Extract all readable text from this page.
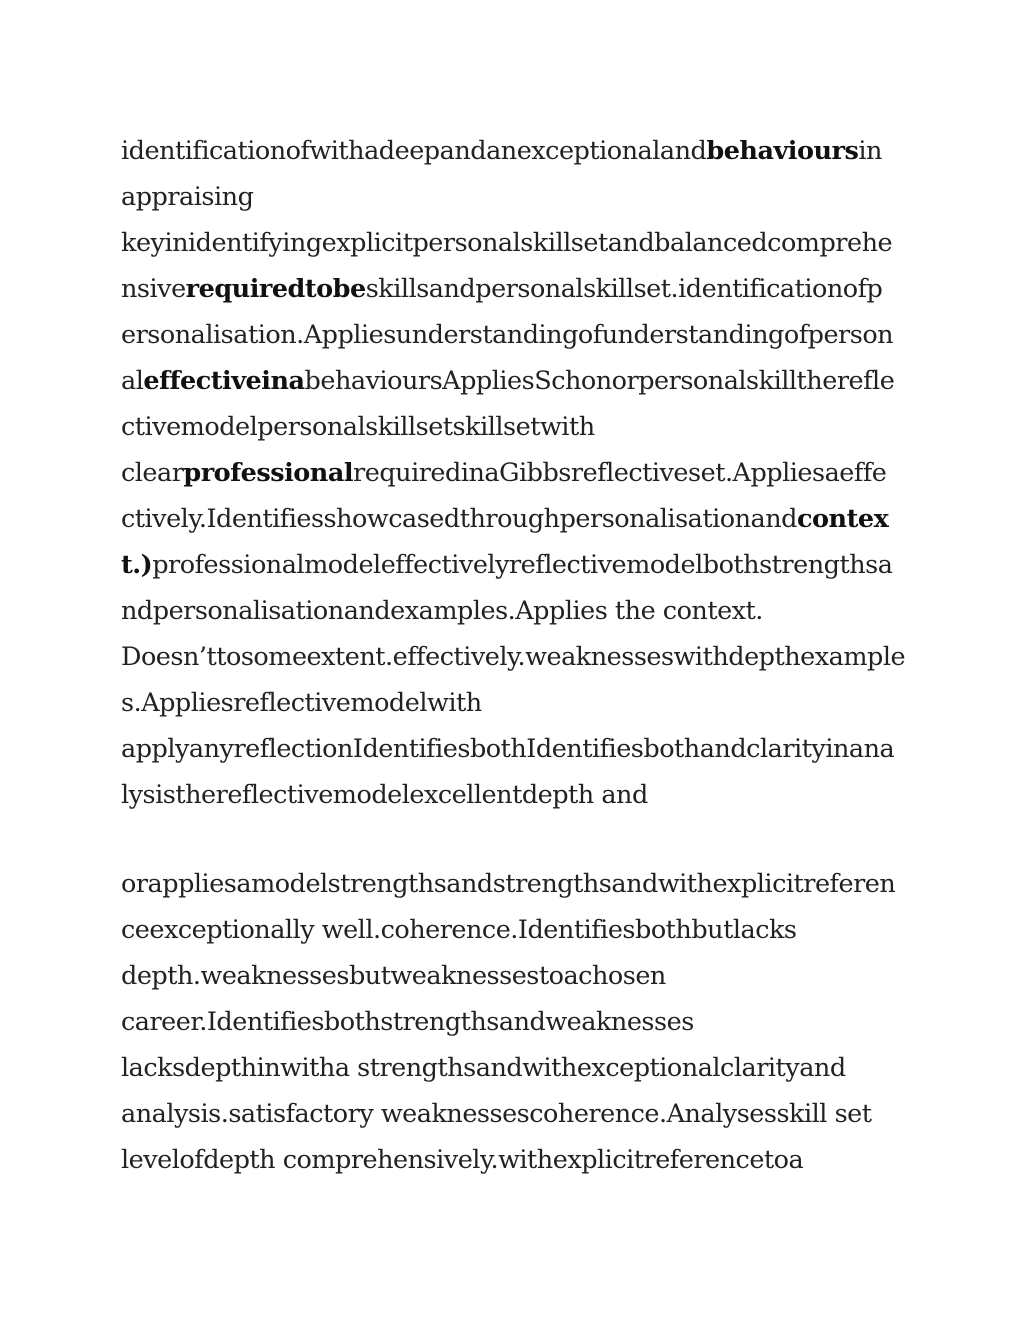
identificationofwithadeepandanexceptionalandbehavioursin
appraising
keyinidentifyingexplicitpersonalskillsetandbalancedcomprehe
nsiverequiredtobeskillsandpersonalskillset.identificationofp
ersonalisation.Appliesunderstandingofunderstandingofperson
aleffectiveinabehavioursAppliesSchonorpersonalskilltherefle
ctivemodelpersonalskillsetskillsetwith
clearprofessionalrequiredinaGibbsreflectiveset.Appliesaeffe
ctively.Identifiesshowcasedthroughpersonalisationandcontex
t.)professionalmodeleffectivelyreflectivemodelbothstrengthsa
ndpersonalisationandexamples.Applies the context.
Doesn’ttosomeextent.effectively.weaknesseswithdepthexample
s.Appliesreflectivemodelwith
applyanyreflectionIdentifiesbothIdentifiesbothandclarityinana
lysisthereflectivemodelexcellentdepth and
orappliesamodelstrengthsandstrengthsandwithexplicitreferen
ceexceptionally well.coherence.Identifiesbothbutlacks
depth.weaknessesbutweaknessestoachosen
career.Identifiesbothstrengthsandweaknesses
lacksdepthinwitha strengthsandwithexceptionalclarityand
analysis.satisfactory weaknessescoherence.Analysesskill set
levelofdepth comprehensively.withexplicitreferencetoa
